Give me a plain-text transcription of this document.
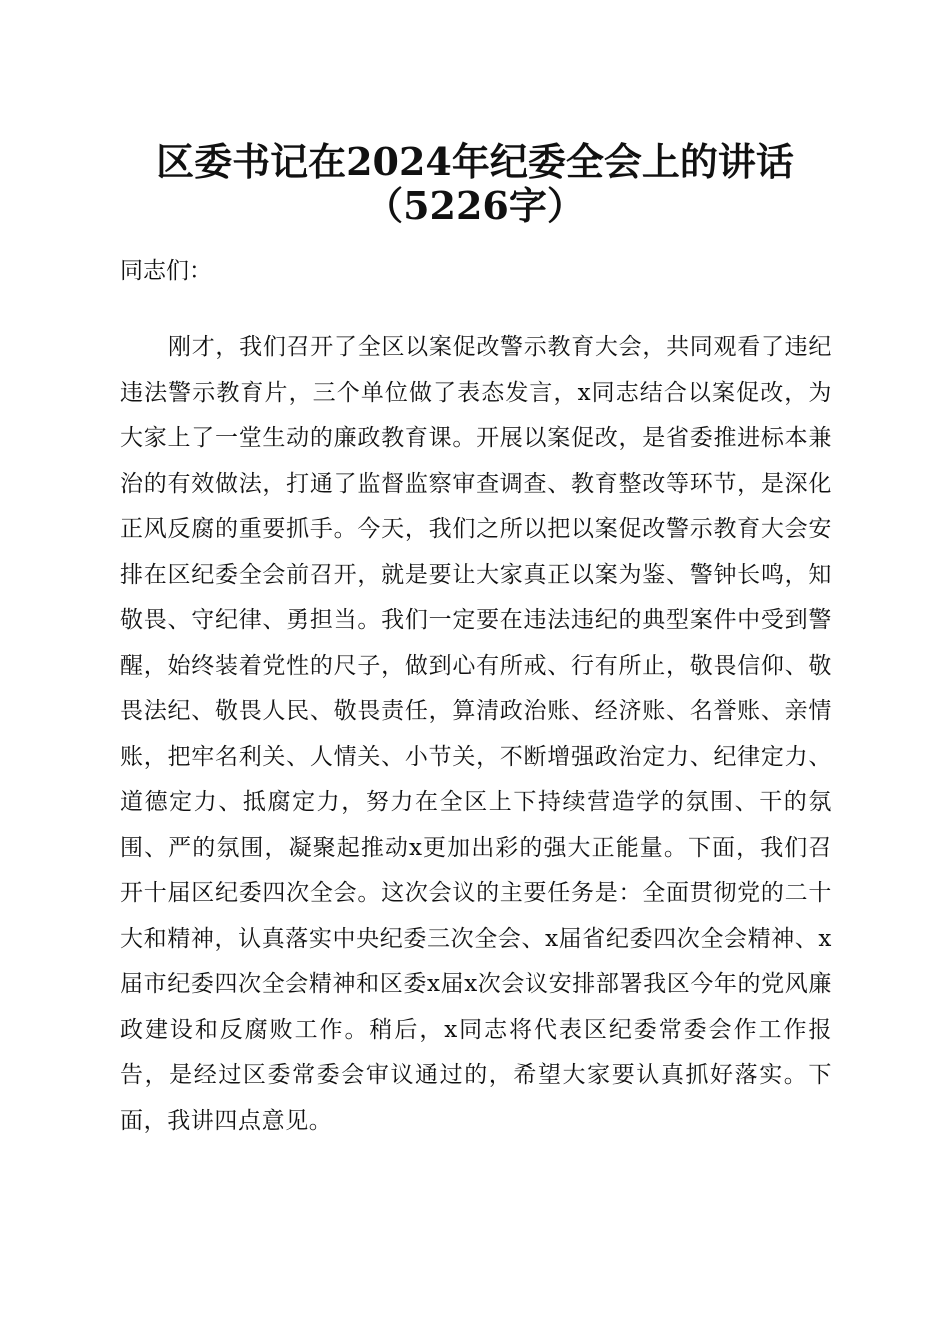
区委书记在2024年纪委全会上的讲话（5226字）

同志们：

刚才，我们召开了全区以案促改警示教育大会，共同观看了违纪违法警示教育片，三个单位做了表态发言，x同志结合以案促改，为大家上了一堂生动的廉政教育课。开展以案促改，是省委推进标本兼治的有效做法，打通了监督监察审查调查、教育整改等环节，是深化正风反腐的重要抓手。今天，我们之所以把以案促改警示教育大会安排在区纪委全会前召开，就是要让大家真正以案为鉴、警钟长鸣，知敬畏、守纪律、勇担当。我们一定要在违法违纪的典型案件中受到警醒，始终装着党性的尺子，做到心有所戒、行有所止，敬畏信仰、敬畏法纪、敬畏人民、敬畏责任，算清政治账、经济账、名誉账、亲情账，把牢名利关、人情关、小节关，不断增强政治定力、纪律定力、道德定力、抵腐定力，努力在全区上下持续营造学的氛围、干的氛围、严的氛围，凝聚起推动x更加出彩的强大正能量。下面，我们召开十届区纪委四次全会。这次会议的主要任务是：全面贯彻党的二十大和精神，认真落实中央纪委三次全会、x届省纪委四次全会精神、x届市纪委四次全会精神和区委x届x次会议安排部署我区今年的党风廉政建设和反腐败工作。稍后，x同志将代表区纪委常委会作工作报告，是经过区委常委会审议通过的，希望大家要认真抓好落实。下面，我讲四点意见。
